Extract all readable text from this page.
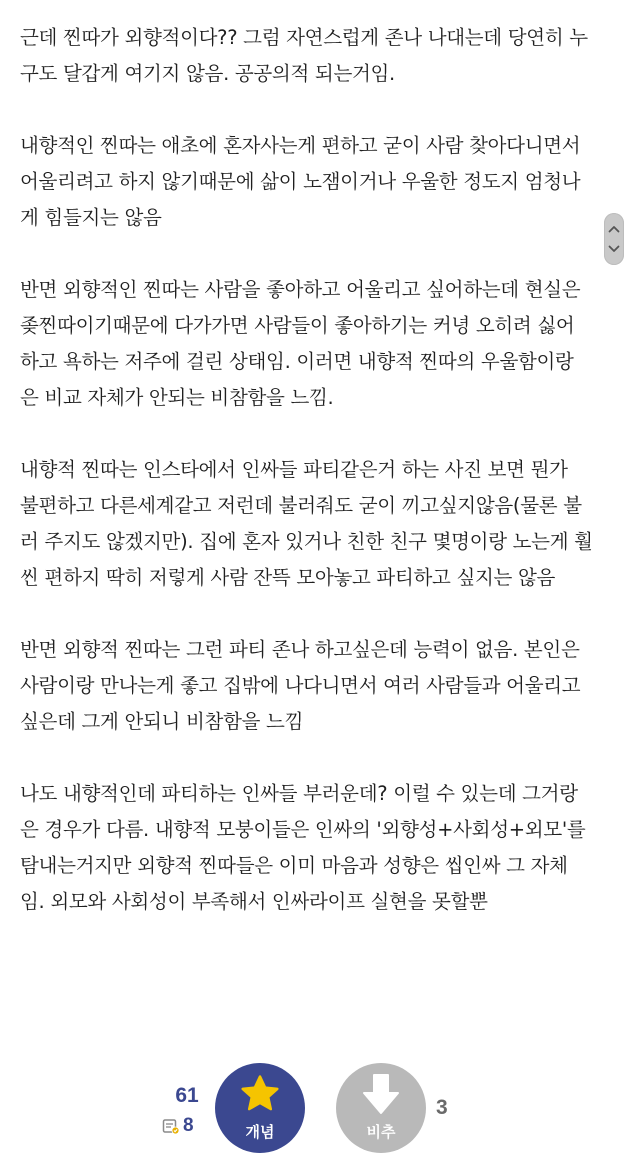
근데 찐따가 외향적이다?? 그럼 자연스럽게 존나 나대는데 당연히 누
구도 달갑게 여기지 않음. 공공의적 되는거임.
내향적인 찐따는 애초에 혼자사는게 편하고 굳이 사람 찾아다니면서
어울리려고 하지 않기때문에 삶이 노잼이거나 우울한 정도지 엄청나
게 힘들지는 않음
반면 외향적인 찐따는 사람을 좋아하고 어울리고 싶어하는데 현실은
좆찐따이기때문에 다가가면 사람들이 좋아하기는 커녕 오히려 싫어
하고 욕하는 저주에 걸린 상태임. 이러면 내향적 찐따의 우울함이랑
은 비교 자체가 안되는 비참함을 느낌.
내향적 찐따는 인스타에서 인싸들 파티같은거 하는 사진 보면 뭔가
불편하고 다른세계같고 저런데 불러줘도 굳이 끼고싶지않음(물론 불
러 주지도 않겠지만). 집에 혼자 있거나 친한 친구 몇명이랑 노는게 훨
씬 편하지 딱히 저렇게 사람 잔뜩 모아놓고 파티하고 싶지는 않음
반면 외향적 찐따는 그런 파티 존나 하고싶은데 능력이 없음. 본인은
사람이랑 만나는게 좋고 집밖에 나다니면서 여러 사람들과 어울리고
싶은데 그게 안되니 비참함을 느낌
나도 내향적인데 파티하는 인싸들 부러운데? 이럴 수 있는데 그거랑
은 경우가 다름. 내향적 모붕이들은 인싸의 '외향성+사회성+외모'를
탐내는거지만 외향적 찐따들은 이미 마음과 성향은 씹인싸 그 자체
임. 외모와 사회성이 부족해서 인싸라이프 실현을 못할뿐
61
8	개념	비추
3
